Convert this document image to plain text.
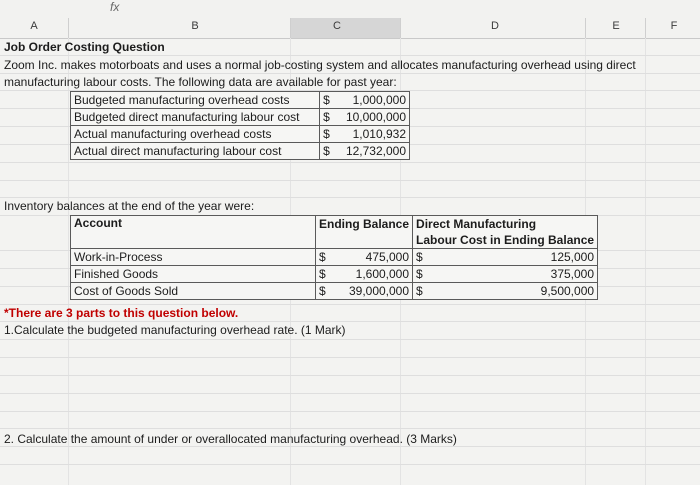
fx
A	B	C	D	E	F
Job Order Costing Question
Zoom Inc. makes motorboats and uses a normal job-costing system and allocates manufacturing overhead using direct
manufacturing labour costs. The following data are available for past year:
Budgeted manufacturing overhead costs	$	1,000,000
Budgeted direct manufacturing labour cost	$	10,000,000
Actual manufacturing overhead costs	$	1,010,932
Actual direct manufacturing labour cost	$	12,732,000
Inventory balances at the end of the year were:
Account	Ending Balance		Direct Manufacturing	
			Labour Cost in Ending Balance	
Work-in-Process	$	475,000	$	125,000
Finished Goods	$	1,600,000	$	375,000
Cost of Goods Sold	$	39,000,000	$	9,500,000
*There are 3 parts to this question below.
1.Calculate the budgeted manufacturing overhead rate. (1 Mark)
2. Calculate the amount of under or overallocated manufacturing overhead. (3 Marks)
